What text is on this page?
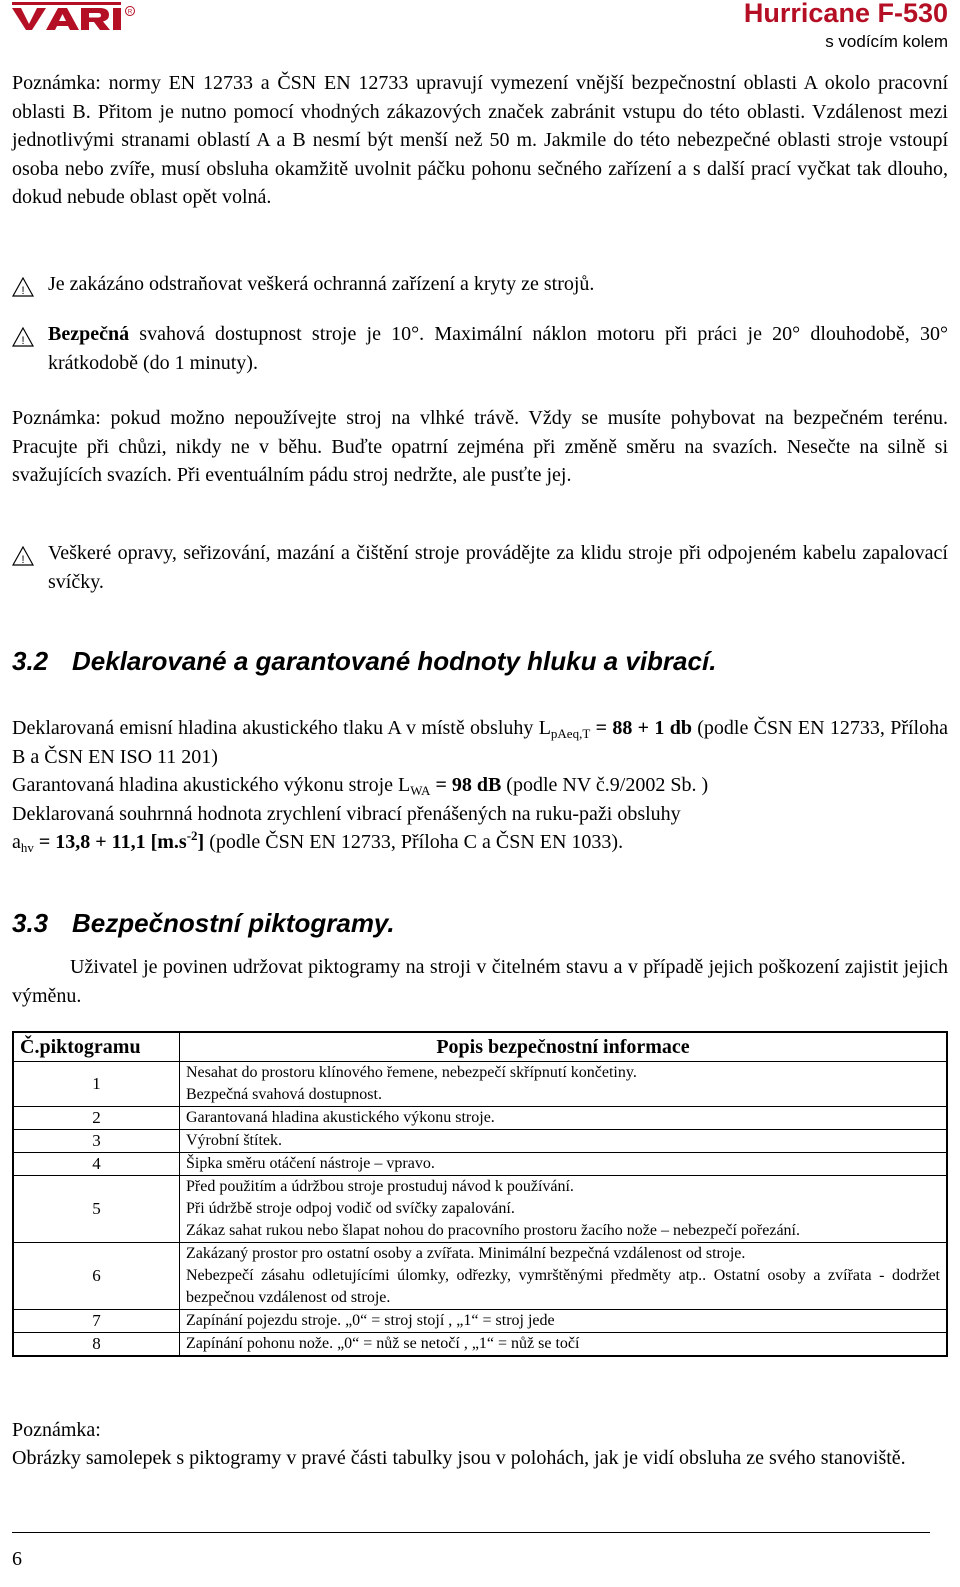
R	Hurricane F-530
s vodícím kolem
Poznámka: normy EN 12733 a ČSN EN 12733 upravují vymezení vnější bezpečnostní oblasti A okolo pracovní oblasti B. Přitom je nutno pomocí vhodných zákazových značek zabránit vstupu do této oblasti. Vzdálenost mezi jednotlivými stranami oblastí A a B nesmí být menší než 50 m. Jakmile do této nebezpečné oblasti stroje vstoupí osoba nebo zvíře, musí obsluha okamžitě uvolnit páčku pohonu sečného zařízení a s další prací vyčkat tak dlouho, dokud nebude oblast opět volná.
! Je zakázáno odstraňovat veškerá ochranná zařízení a kryty ze strojů.
! Bezpečná svahová dostupnost stroje je 10°. Maximální náklon motoru při práci je 20° dlouhodobě, 30° krátkodobě (do 1 minuty).
Poznámka: pokud možno nepoužívejte stroj na vlhké trávě. Vždy se musíte pohybovat na bezpečném terénu. Pracujte při chůzi, nikdy ne v běhu. Buďte opatrní zejména při změně směru na svazích. Nesečte na silně si svažujících svazích. Při eventuálním pádu stroj nedržte, ale pusťte jej.
! Veškeré opravy, seřizování, mazání a čištění stroje provádějte za klidu stroje při odpojeném kabelu zapalovací svíčky.
3.2 Deklarované a garantované hodnoty hluku a vibrací.
Deklarovaná emisní hladina akustického tlaku A v místě obsluhy $L_{pAeq,T} = 88 + 1$ db (podle ČSN EN 12733, Příloha B a ČSN EN ISO 11 201)
Garantovaná hladina akustického výkonu stroje $L_{WA} = 98$ dB (podle NV č.9/2002 Sb. )
Deklarovaná souhrnná hodnota zrychlení vibrací přenášených na ruku-paži obsluhy
$a_{hv} = 13,8 + 11,1$ $[m.s^{-2}]$ (podle ČSN EN 12733, Příloha C a ČSN EN 1033).
3.3 Bezpečnostní piktogramy.
Uživatel je povinen udržovat piktogramy na stroji v čitelném stavu a v případě jejich poškození zajistit jejich výměnu.
Č.piktogramu	Popis bezpečnostní informace
1	Nesahat do prostoru klínového řemene, nebezpečí skřípnutí končetiny.
Bezpečná svahová dostupnost.

2	Garantovaná hladina akustického výkonu stroje.

3	Výrobní štítek.

4	Šipka směru otáčení nástroje – vpravo.

5	Před použitím a údržbou stroje prostuduj návod k používání.
Při údržbě stroje odpoj vodič od svíčky zapalování.
Zákaz sahat rukou nebo šlapat nohou do pracovního prostoru žacího nože – nebezpečí pořezání.

6	Zakázaný prostor pro ostatní osoby a zvířata. Minimální bezpečná vzdálenost od stroje.
Nebezpečí zásahu odletujícími úlomky, odřezky, vymrštěnými předměty atp.. Ostatní osoby a zvířata - dodržet bezpečnou vzdálenost od stroje.

7	Zapínání pojezdu stroje. „0“ = stroj stojí , „1“ = stroj jede

8	Zapínání pohonu nože. „0“ = nůž se netočí , „1“ = nůž se točí
Poznámka:
Obrázky samolepek s piktogramy v pravé části tabulky jsou v polohách, jak je vidí obsluha ze svého stanoviště.
6
